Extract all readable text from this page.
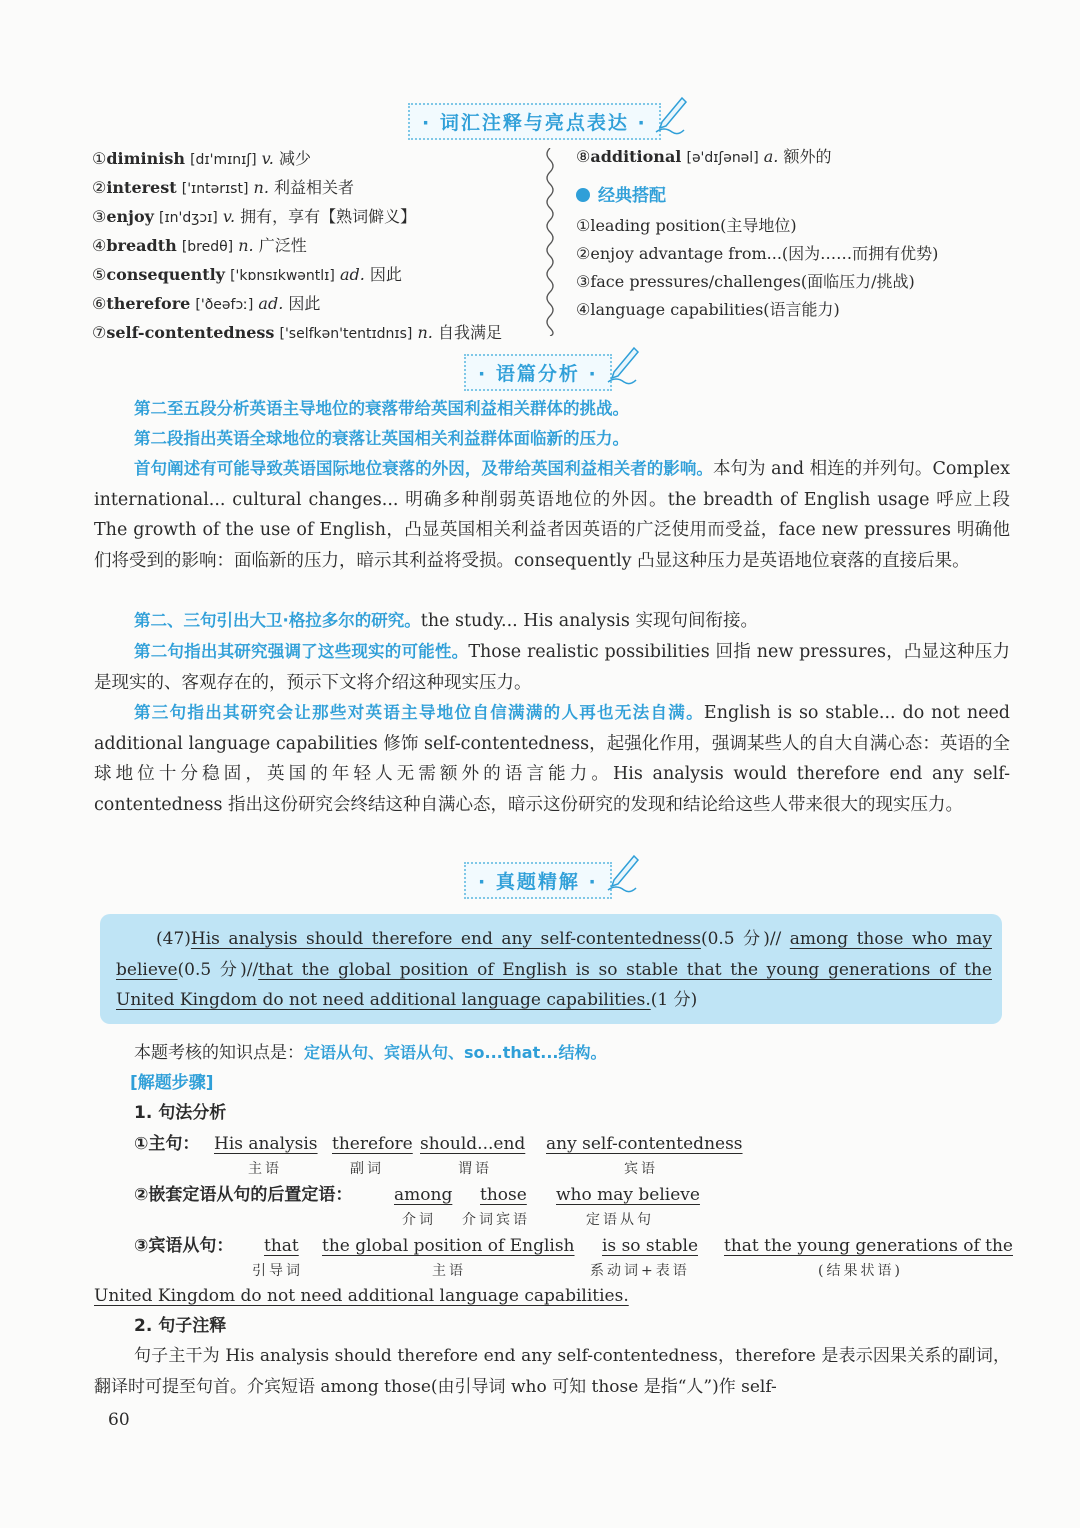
· 词汇注释与亮点表达 ·
①diminish [dɪ'mɪnɪʃ] v. 减少
②interest ['ɪntərɪst] n. 利益相关者
③enjoy [ɪn'dʒɔɪ] v. 拥有，享有【熟词僻义】
④breadth [bredθ] n. 广泛性
⑤consequently ['kɒnsɪkwəntlɪ] ad. 因此
⑥therefore ['ðeəfɔː] ad. 因此
⑦self-contentedness ['selfkən'tentɪdnɪs] n. 自我满足
⑧additional [ə'dɪʃənəl] a. 额外的
经典搭配
①leading position(主导地位)
②enjoy advantage from...(因为……而拥有优势)
③face pressures/challenges(面临压力/挑战)
④language capabilities(语言能力)
· 语篇分析 ·
第二至五段分析英语主导地位的衰落带给英国利益相关群体的挑战。
第二段指出英语全球地位的衰落让英国相关利益群体面临新的压力。
首句阐述有可能导致英语国际地位衰落的外因，及带给英国利益相关者的影响。本句为 and 相连的并列句。Complex international... cultural changes... 明确多种削弱英语地位的外因。the breadth of English usage 呼应上段 The growth of the use of English，凸显英国相关利益者因英语的广泛使用而受益，face new pressures 明确他们将受到的影响：面临新的压力，暗示其利益将受损。consequently 凸显这种压力是英语地位衰落的直接后果。
第二、三句引出大卫·格拉多尔的研究。the study... His analysis 实现句间衔接。
第二句指出其研究强调了这些现实的可能性。Those realistic possibilities 回指 new pressures，凸显这种压力是现实的、客观存在的，预示下文将介绍这种现实压力。
第三句指出其研究会让那些对英语主导地位自信满满的人再也无法自满。English is so stable... do not need additional language capabilities 修饰 self-contentedness，起强化作用，强调某些人的自大自满心态：英语的全球地位十分稳固，英国的年轻人无需额外的语言能力。His analysis would therefore end any self-contentedness 指出这份研究会终结这种自满心态，暗示这份研究的发现和结论给这些人带来很大的现实压力。
· 真题精解 ·
(47)His analysis should therefore end any self-contentedness(0.5 分)// among those who may believe(0.5 分)//that the global position of English is so stable that the young generations of the United Kingdom do not need additional language capabilities.(1 分)
本题考核的知识点是：定语从句、宾语从句、so...that...结构。
[解题步骤]
1. 句法分析
①主句： His analysis
主语
therefore
副词
should...end
谓语
any self-contentedness
宾语
②嵌套定语从句的后置定语： among
介词
those
介词宾语
who may believe
定语从句
③宾语从句： that
引导词
the global position of English
主语
is so stable
系动词+表语
that the young generations of the
(结果状语)
United Kingdom do not need additional language capabilities.
2. 句子注释
句子主干为 His analysis should therefore end any self-contentedness，therefore 是表示因果关系的副词，翻译时可提至句首。介宾短语 among those(由引导词 who 可知 those 是指“人”)作 self-
60
